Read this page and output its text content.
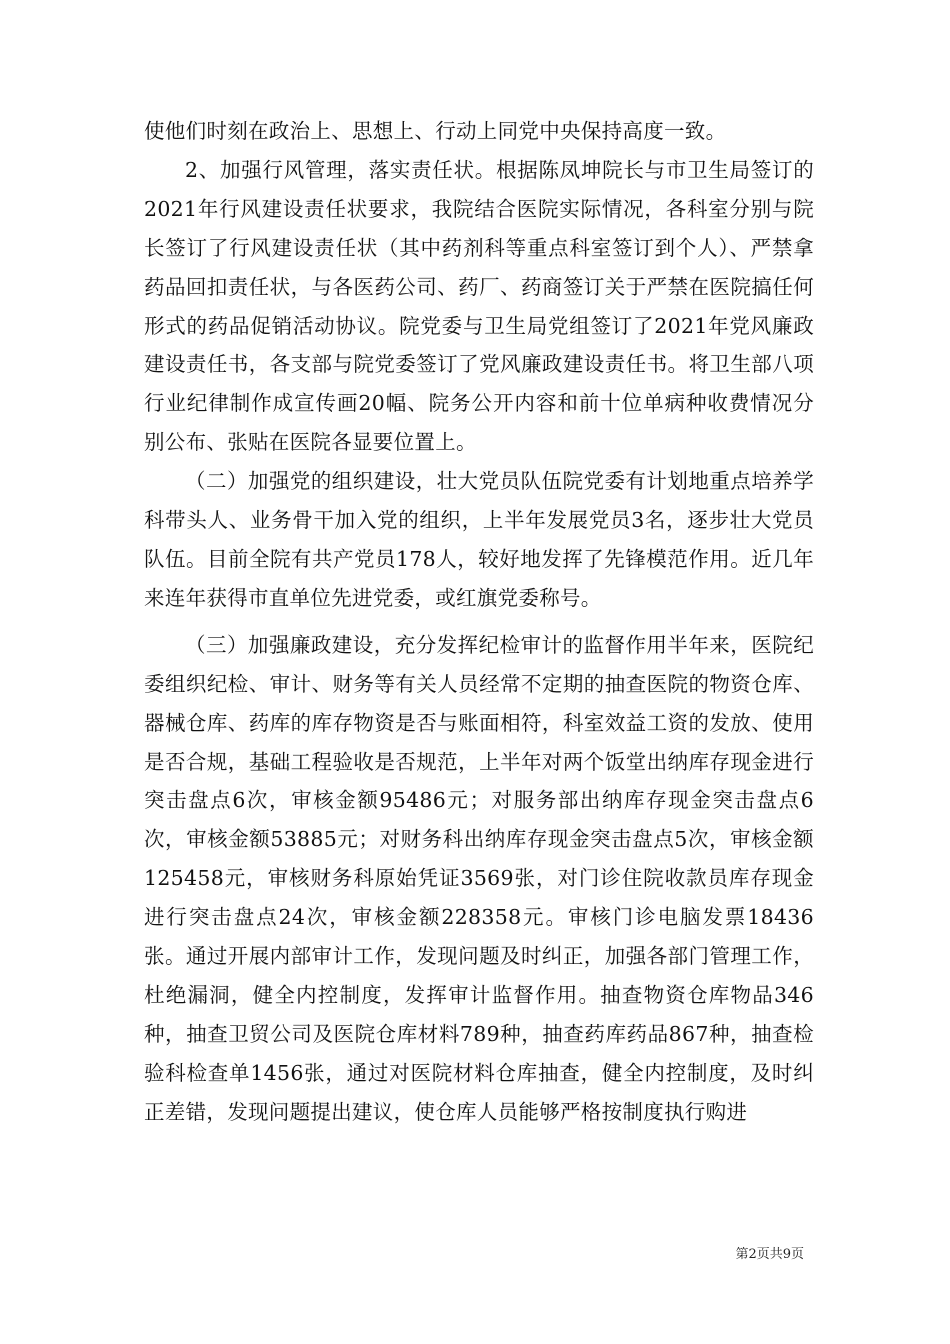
使他们时刻在政治上、思想上、行动上同党中央保持高度一致。

2、加强行风管理，落实责任状。根据陈凤坤院长与市卫生局签订的2021年行风建设责任状要求，我院结合医院实际情况，各科室分别与院长签订了行风建设责任状（其中药剂科等重点科室签订到个人）、严禁拿药品回扣责任状，与各医药公司、药厂、药商签订关于严禁在医院搞任何形式的药品促销活动协议。院党委与卫生局党组签订了2021年党风廉政建设责任书，各支部与院党委签订了党风廉政建设责任书。将卫生部八项行业纪律制作成宣传画20幅、院务公开内容和前十位单病种收费情况分别公布、张贴在医院各显要位置上。

（二）加强党的组织建设，壮大党员队伍院党委有计划地重点培养学科带头人、业务骨干加入党的组织，上半年发展党员3名，逐步壮大党员队伍。目前全院有共产党员178人，较好地发挥了先锋模范作用。近几年来连年获得市直单位先进党委，或红旗党委称号。

（三）加强廉政建设，充分发挥纪检审计的监督作用半年来，医院纪委组织纪检、审计、财务等有关人员经常不定期的抽查医院的物资仓库、器械仓库、药库的库存物资是否与账面相符，科室效益工资的发放、使用是否合规，基础工程验收是否规范，上半年对两个饭堂出纳库存现金进行突击盘点6次，审核金额95486元；对服务部出纳库存现金突击盘点6次，审核金额53885元；对财务科出纳库存现金突击盘点5次，审核金额125458元，审核财务科原始凭证3569张，对门诊住院收款员库存现金进行突击盘点24次，审核金额228358元。审核门诊电脑发票18436张。通过开展内部审计工作，发现问题及时纠正，加强各部门管理工作，杜绝漏洞，健全内控制度，发挥审计监督作用。抽查物资仓库物品346种，抽查卫贸公司及医院仓库材料789种，抽查药库药品867种，抽查检验科检查单1456张，通过对医院材料仓库抽查，健全内控制度，及时纠正差错，发现问题提出建议，使仓库人员能够严格按制度执行购进

第2页共9页
